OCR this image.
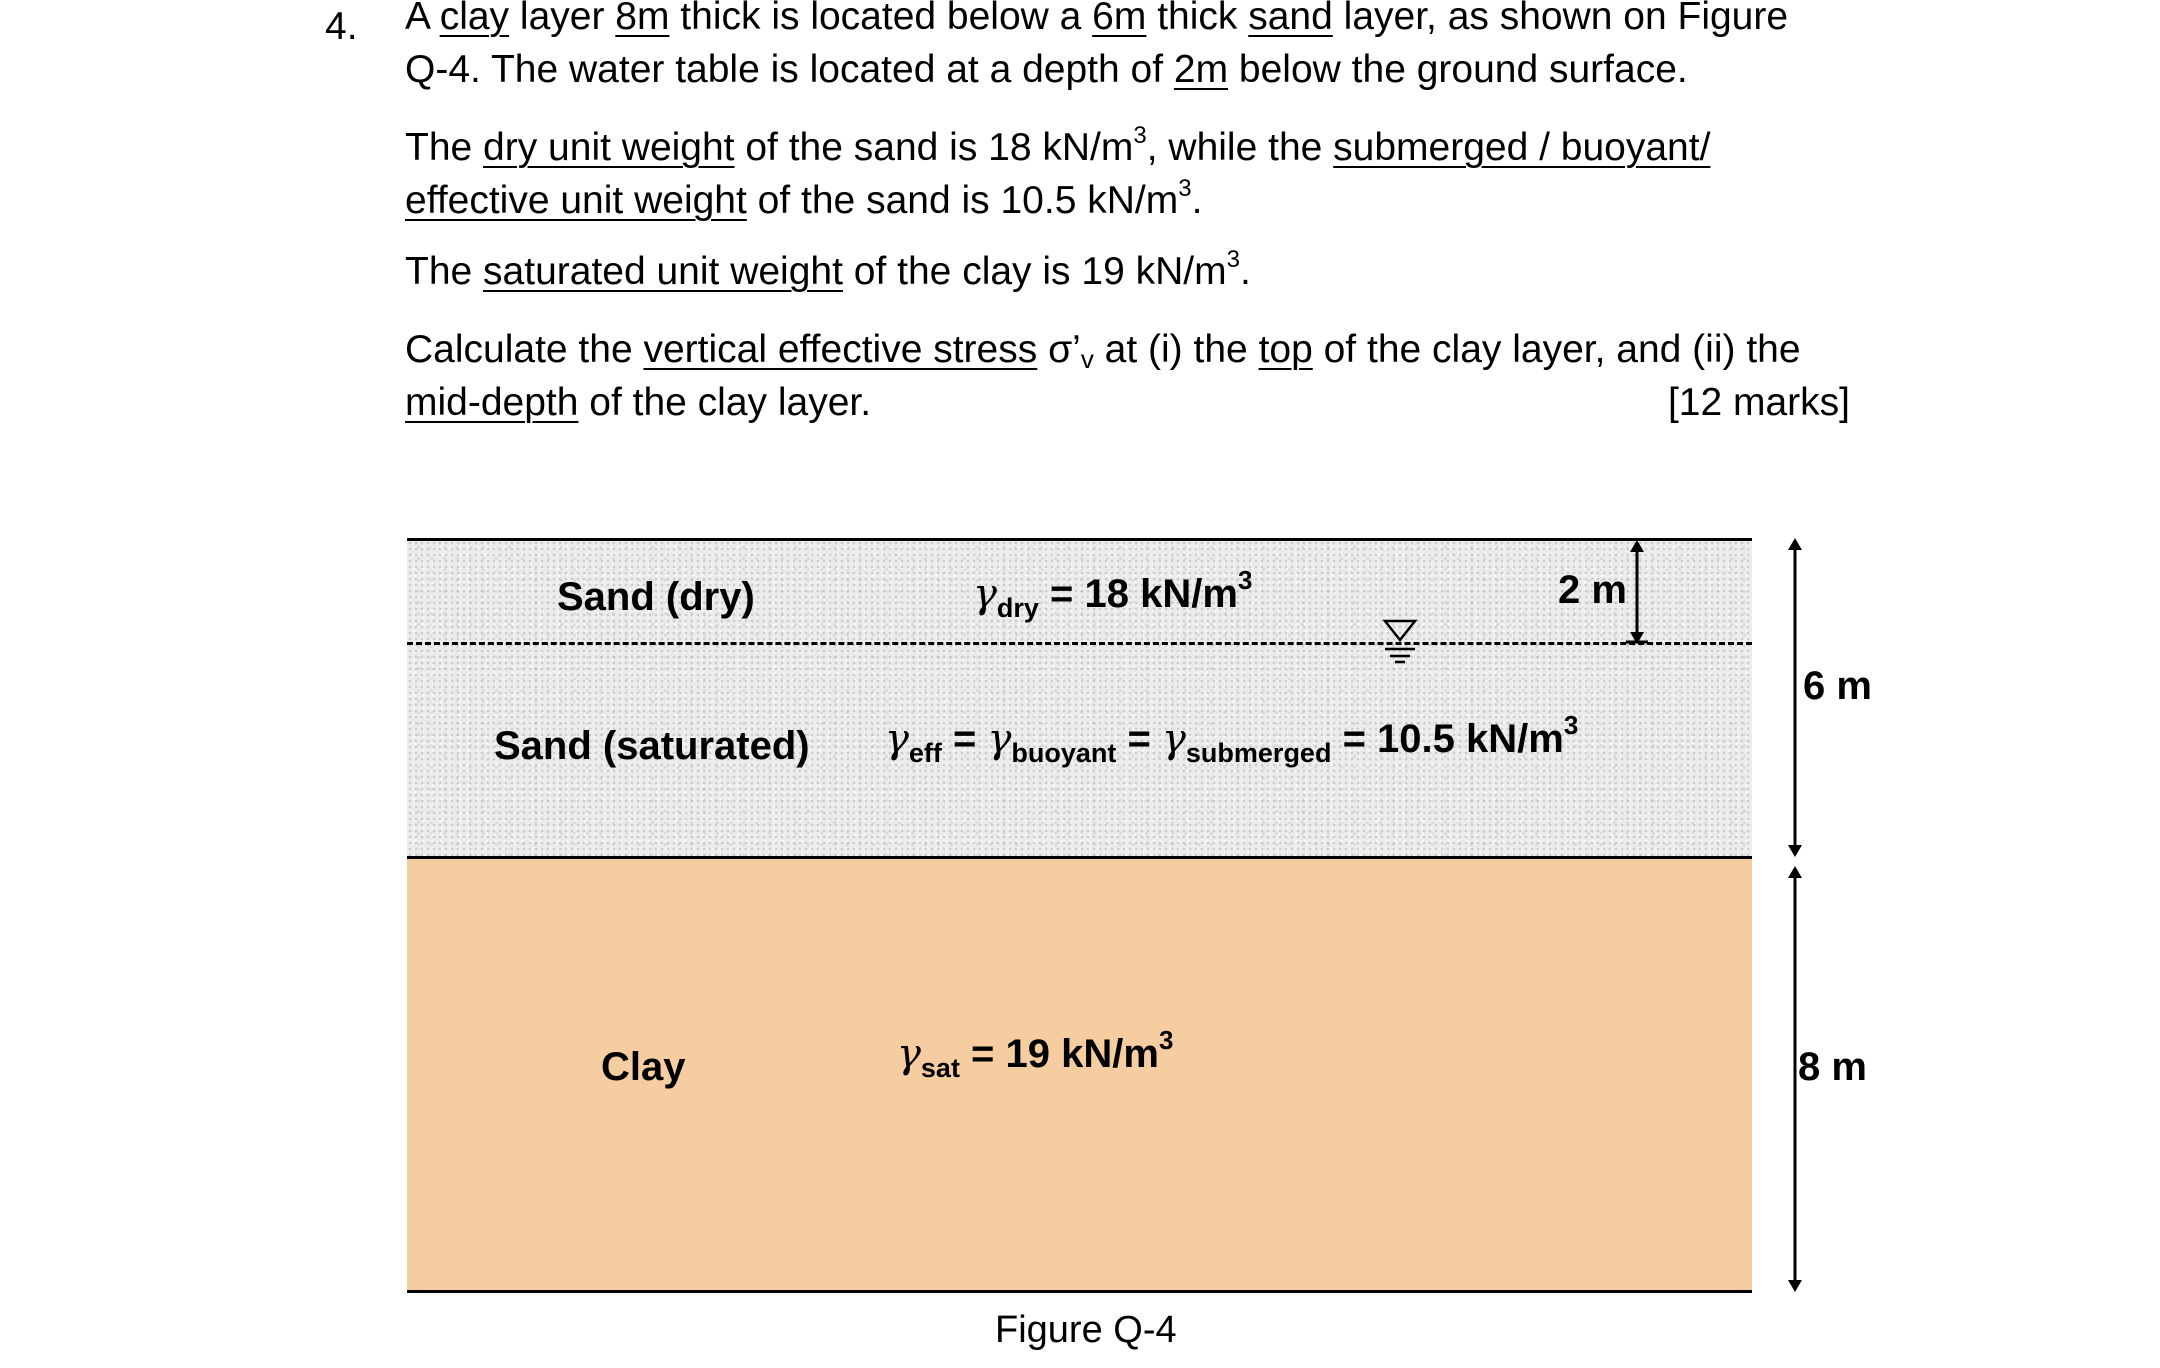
4. A clay layer 8m thick is located below a 6m thick sand layer, as shown on Figure
Q-4. The water table is located at a depth of 2m below the ground surface.
The dry unit weight of the sand is 18 $kN/m^3$, while the submerged / buoyant/
effective unit weight of the sand is 10.5 $kN/m^3$.
The saturated unit weight of the clay is 19 $kN/m^3$.
Calculate the vertical effective stress $\sigma’_v$ at (i) the top of the clay layer, and (ii) the
mid-depth of the clay layer.	[12 marks]
Sand (dry)	$\gamma_{dry} = 18$ $kN/m^3$
Sand (saturated) $\gamma_{eff} = \gamma_{buoyant} = \gamma_{submerged} = 10.5$ $kN/m^3$
Clay	$\gamma_{sat} = 19$ $kN/m^3$
2 m
6 m
8 m
Figure Q-4
